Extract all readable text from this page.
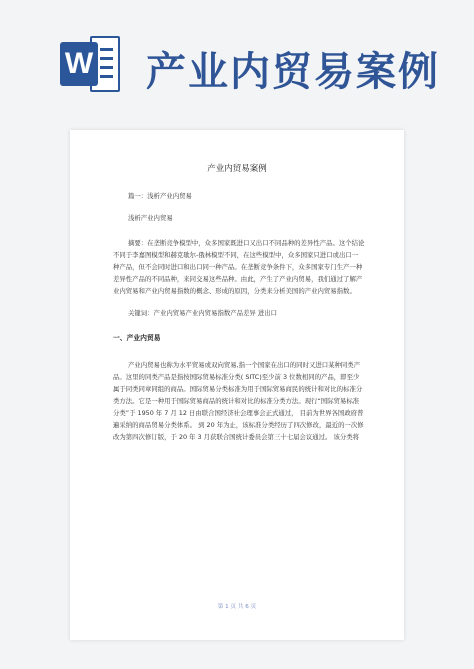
W 产业内贸易案例
产业内贸易案例
篇一：浅析产业内贸易
浅析产业内贸易
摘要：在垄断竞争模型中，众多国家既进口又出口不同品种的差异性产品。这个结论
不同于李嘉图模型和赫克歇尔-俄林模型不同，在这些模型中，众多国家只进口或出口一
种产品，但不会同时进口和出口同一种产品。在垄断竞争条件下，众多国家专门生产一种
差异性产品的不同品种，来同交易这些品种。由此，产生了产业内贸易，我们通过了解产
业内贸易和产业内贸易指数的概念、形成的原因，分类来分析美国的产业内贸易指数。
关键词：产业内贸易产业内贸易指数产品差异 进出口
一、产业内贸易
产业内贸易也称为水平贸易或双向贸易,指一个国家在出口的同时又进口某种同类产
品。这里的同类产品是指按国际贸易标准分类( SITC)至少前 3 位数相同的产品，即至少
属于同类同章同组的商品。国际贸易分类标准为用于国际贸易商民的统计和对比的标准分
类方法。它是一种用于国际贸易商品的统计和对比的标准分类方法。现行“国际贸易标准
分类”于 1950 年 7 月 12 日由联合国经济社会理事会正式通过， 目前为世界各国政府普
遍采纳的商品贸易分类体系。 到 20 年为止，该标准分类经历了四次修改，最近的一次修
改为第四次修订版，于 20 年 3 月获联合国统计委员会第三十七届会议通过。 该分类将
第 1 页 共 6 页
